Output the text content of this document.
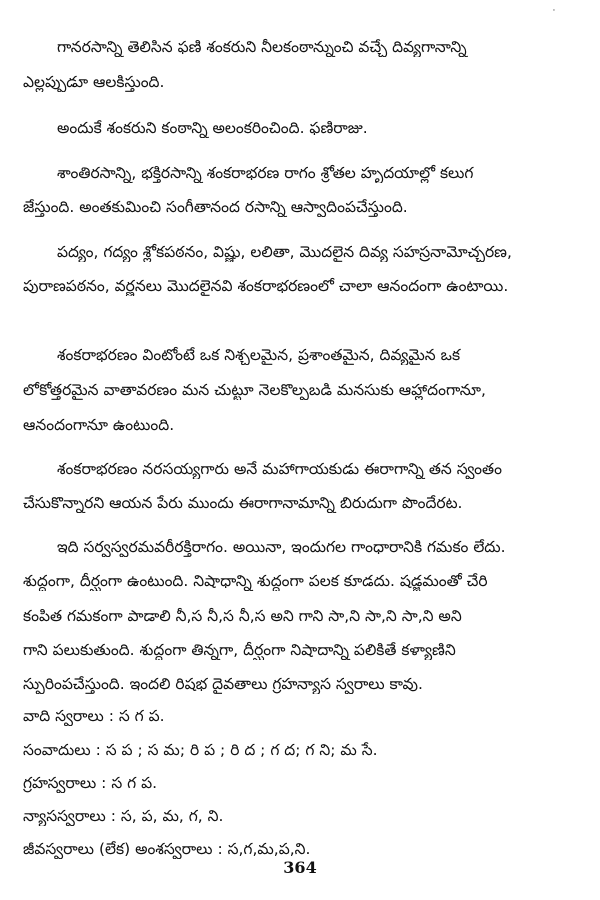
'
గానరసాన్ని తెలిసిన ఫణి శంకరుని నీలకంఠాన్నుంచి వచ్చే దివ్యగానాన్ని
ఎల్లప్పుడూ ఆలకిస్తుంది.
అందుకే శంకరుని కంఠాన్ని అలంకరించింది. ఫణిరాజు.
శాంతిరసాన్ని, భక్తిరసాన్ని శంకరాభరణ రాగం శ్రోతల హృదయాల్లో కలుగ
జేస్తుంది. అంతకుమించి సంగీతానంద రసాన్ని ఆస్వాదింపచేస్తుంది.
పద్యం, గద్యం శ్లోకపఠనం, విష్ణు, లలితా, మొదలైన దివ్య సహస్రనామోచ్చరణ,
పురాణపఠనం, వర్ణనలు మొదలైనవి శంకరాభరణంలో చాలా ఆనందంగా ఉంటాయి.
శంకరాభరణం వింటోంటే ఒక నిశ్చలమైన, ప్రశాంతమైన, దివ్యమైన ఒక
లోకోత్తరమైన వాతావరణం మన చుట్టూ నెలకొల్పబడి మనసుకు ఆహ్లాదంగానూ,
ఆనందంగానూ ఉంటుంది.
శంకరాభరణం నరసయ్యగారు అనే మహాగాయకుడు ఈరాగాన్ని తన స్వంతం
చేసుకొన్నారని ఆయన పేరు ముందు ఈరాగానామాన్ని బిరుదుగా పొందేరట.
ఇది సర్వస్వరమవరీరక్తిరాగం. అయినా, ఇందుగల గాంధారానికి గమకం లేదు.
శుద్ధంగా, దీర్ఘంగా ఉంటుంది. నిషాధాన్ని శుద్ధంగా పలక కూడదు. షడ్జమంతో చేరి
కంపిత గమకంగా పాడాలి నీ,స నీ,స నీ,స అని గాని సా,ని సా,ని సా,ని అని
గాని పలుకుతుంది. శుద్ధంగా తిన్నగా, దీర్ఘంగా నిషాదాన్ని పలికితే కళ్యాణిని
స్ఫురింపచేస్తుంది. ఇందలి రిషభ దైవతాలు గ్రహన్యాస స్వరాలు కావు.
వాది స్వరాలు : స గ ప.
సంవాదులు : స ప ; స మ; రి ప ; రి ద ; గ ద; గ ని; మ సే.
గ్రహస్వరాలు : స గ ప.
న్యాసస్వరాలు : స, ప, మ, గ, ని.
జీవస్వరాలు (లేక) అంశస్వరాలు : స,గ,మ,ప,ని.
364
